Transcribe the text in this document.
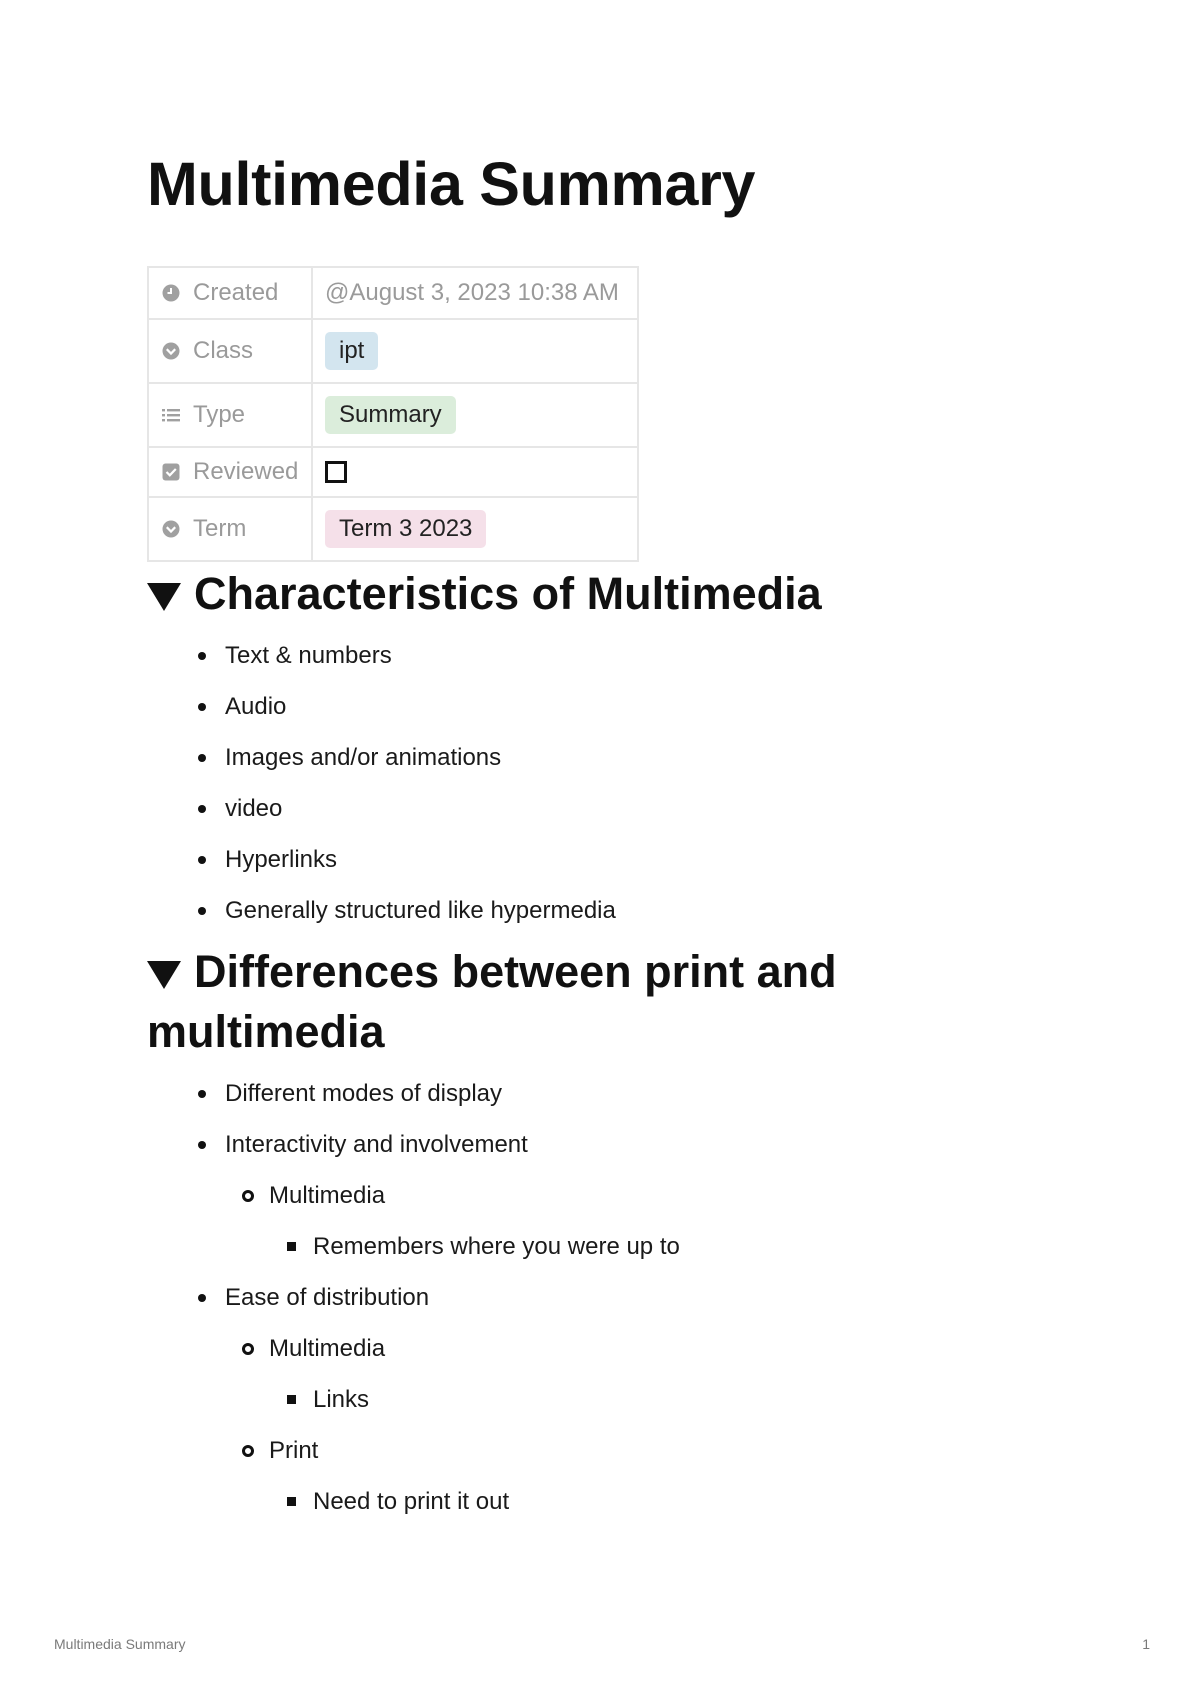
Multimedia Summary
Created	@August 3, 2023 10:38 AM

Class	ipt

Type	Summary

Reviewed	

Term	Term 3 2023
Characteristics of Multimedia
Text & numbers
Audio
Images and/or animations
video
Hyperlinks
Generally structured like hypermedia
Differences between print and
multimedia
Different modes of display
Interactivity and involvement
Multimedia
Remembers where you were up to
Ease of distribution
Multimedia
Links
Print
Need to print it out
Multimedia Summary	1
